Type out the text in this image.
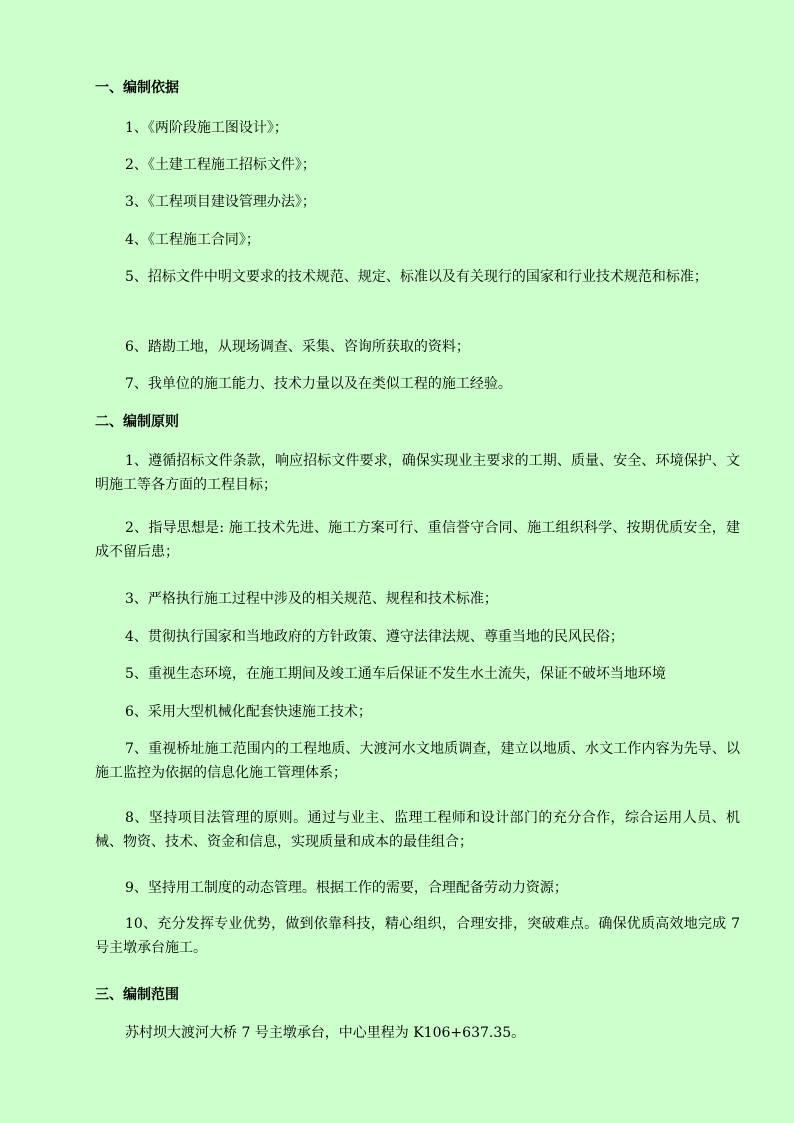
一、编制依据
1、《两阶段施工图设计》；
2、《土建工程施工招标文件》；
3、《工程项目建设管理办法》；
4、《工程施工合同》；
5、招标文件中明文要求的技术规范、规定、标准以及有关现行的国家和行业技术规范和标准；
6、踏勘工地，从现场调查、采集、咨询所获取的资料；
7、我单位的施工能力、技术力量以及在类似工程的施工经验。
二、编制原则
1、遵循招标文件条款，响应招标文件要求，确保实现业主要求的工期、质量、安全、环境保护、文明施工等各方面的工程目标；
2、指导思想是: 施工技术先进、施工方案可行、重信誉守合同、施工组织科学、按期优质安全，建成不留后患；
3、严格执行施工过程中涉及的相关规范、规程和技术标准；
4、贯彻执行国家和当地政府的方针政策、遵守法律法规、尊重当地的民风民俗；
5、重视生态环境，在施工期间及竣工通车后保证不发生水土流失，保证不破坏当地环境
6、采用大型机械化配套快速施工技术；
7、重视桥址施工范围内的工程地质、大渡河水文地质调查，建立以地质、水文工作内容为先导、以施工监控为依据的信息化施工管理体系；
8、坚持项目法管理的原则。通过与业主、监理工程师和设计部门的充分合作，综合运用人员、机械、物资、技术、资金和信息，实现质量和成本的最佳组合；
9、坚持用工制度的动态管理。根据工作的需要，合理配备劳动力资源；
10、充分发挥专业优势，做到依靠科技，精心组织，合理安排，突破难点。确保优质高效地完成 7 号主墩承台施工。
三、编制范围
苏村坝大渡河大桥 7 号主墩承台，中心里程为 K106+637.35。
